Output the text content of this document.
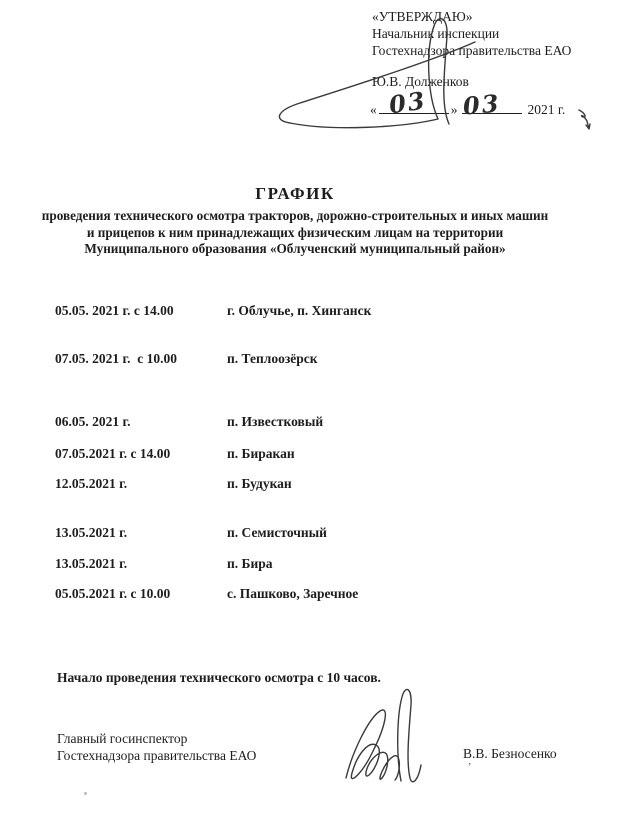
«УТВЕРЖДАЮ»
Начальник инспекции
Гостехнадзора правительства ЕАО
Ю.В. Долженков
«	»	2021 г.
03 03
ГРАФИК
проведения технического осмотра тракторов, дорожно-строительных и иных машин
и прицепов к ним принадлежащих физическим лицам на территории
Муниципального образования «Облученский муниципальный район»
05.05. 2021 г. с 14.00	г. Облучье, п. Хинганск
07.05. 2021 г.  с 10.00	п. Теплоозёрск
06.05. 2021 г.	п. Известковый
07.05.2021 г. с 14.00	п. Биракан
12.05.2021 г.	п. Будукан
13.05.2021 г.	п. Семисточный
13.05.2021 г.	п. Бира
05.05.2021 г. с 10.00	с. Пашково, Заречное
Начало проведения технического осмотра с 10 часов.
Главный госинспектор
Гостехнадзора правительства ЕАО	В.В. Безносенко
’
